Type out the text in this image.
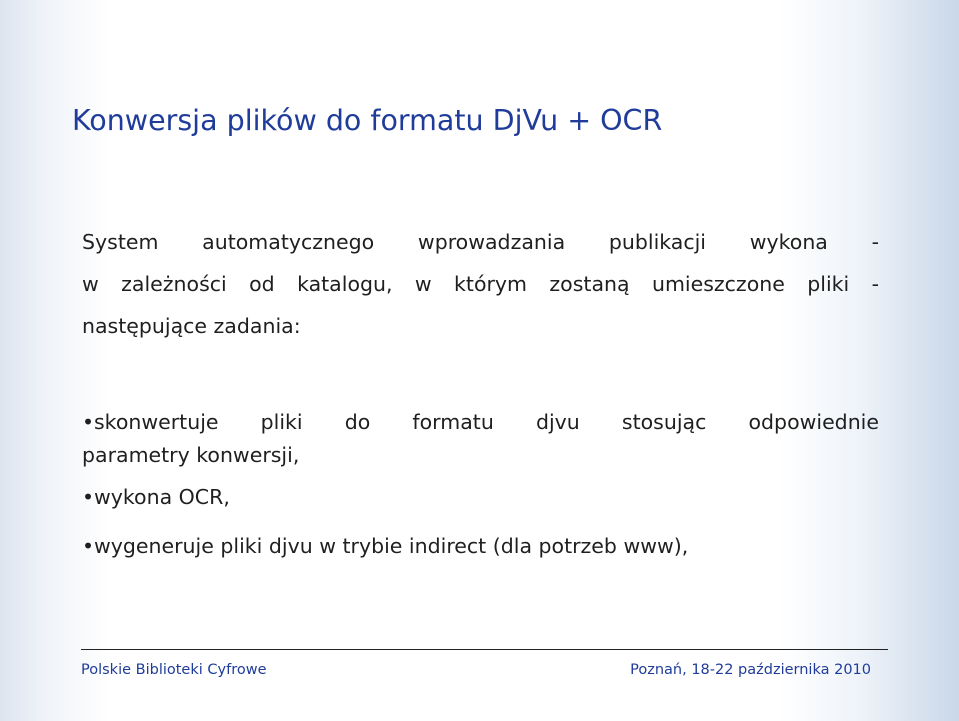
Konwersja plików do formatu DjVu + OCR
System automatycznego wprowadzania publikacji wykona -
w zależności od katalogu, w którym zostaną umieszczone pliki -
następujące zadania:
• skonwertuje pliki do formatu djvu stosując odpowiednie
parametry konwersji,
• wykona OCR,
• wygeneruje pliki djvu w trybie indirect (dla potrzeb www),
Polskie Biblioteki Cyfrowe	Poznań, 18-22 października 2010
